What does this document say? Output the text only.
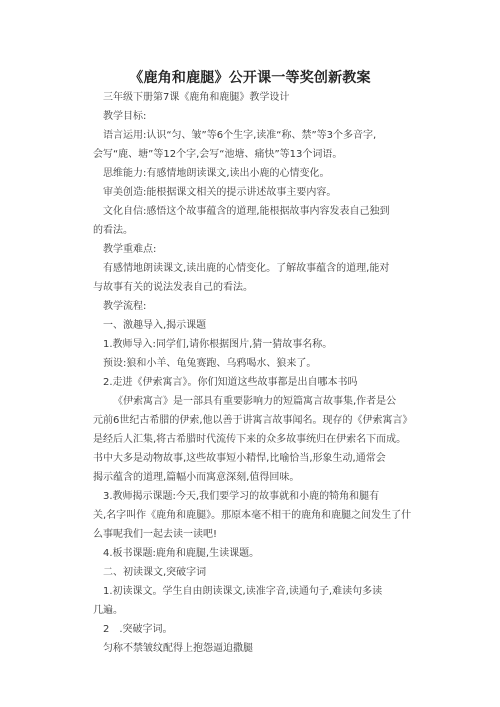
《鹿角和鹿腿》公开课一等奖创新教案
三年级下册第7课《鹿角和鹿腿》教学设计
教学目标:
语言运用:认识“匀、皱”等6个生字,读准“称、禁”等3个多音字,
会写“鹿、塘”等12个字,会写“池塘、痛快”等13个词语。
思维能力:有感情地朗读课文,读出小鹿的心情变化。
审美创造:能根据课文相关的提示讲述故事主要内容。
文化自信:感悟这个故事蕴含的道理,能根据故事内容发表自己独到
的看法。
教学重难点:
有感情地朗读课文,读出鹿的心情变化。了解故事蕴含的道理,能对
与故事有关的说法发表自己的看法。
教学流程:
一、激趣导入,揭示课题
1.教师导入:同学们,请你根据图片,猜一猜故事名称。
预设:狼和小羊、龟兔赛跑、乌鸦喝水、狼来了。
2.走进《伊索寓言》。你们知道这些故事都是出自哪本书吗
《伊索寓言》是一部具有重要影响力的短篇寓言故事集,作者是公
元前6世纪古希腊的伊索,他以善于讲寓言故事闻名。现存的《伊索寓言》
是经后人汇集,将古希腊时代流传下来的众多故事统归在伊索名下而成。
书中大多是动物故事,这些故事短小精悍,比喻恰当,形象生动,通常会
揭示蕴含的道理,篇幅小而寓意深刻,值得回味。
3.教师揭示课题:今天,我们要学习的故事就和小鹿的犄角和腿有
关,名字叫作《鹿角和鹿腿》。那原本毫不相干的鹿角和鹿腿之间发生了什
么事呢我们一起去读一读吧!
4.板书课题:鹿角和鹿腿,生读课题。
二、初读课文,突破字词
1.初读课文。学生自由朗读课文,读准字音,读通句子,难读句多读
几遍。
2　.突破字词。
匀称不禁皱纹配得上抱怨逼迫撒腿
